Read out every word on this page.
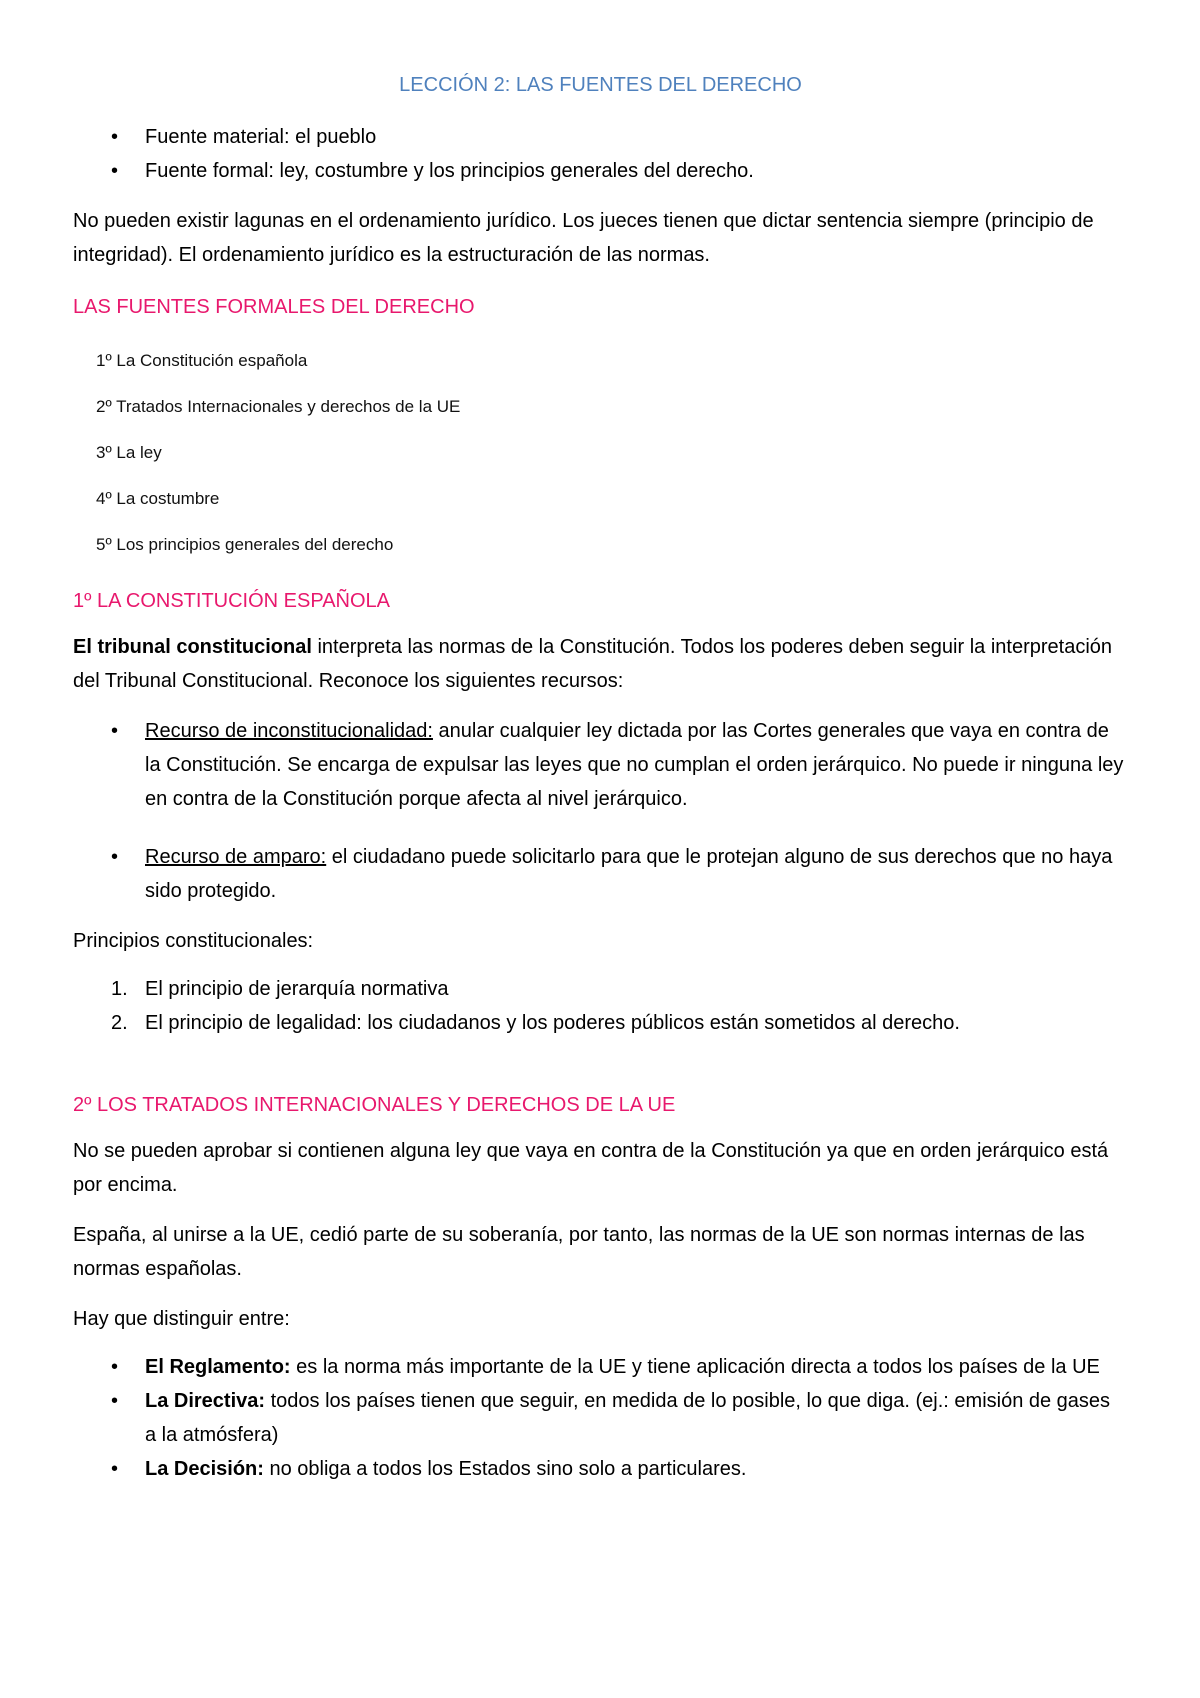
LECCIÓN 2: LAS FUENTES DEL DERECHO
• Fuente material: el pueblo
• Fuente formal: ley, costumbre y los principios generales del derecho.

No pueden existir lagunas en el ordenamiento jurídico. Los jueces tienen que dictar sentencia siempre (principio de integridad). El ordenamiento jurídico es la estructuración de las normas.

LAS FUENTES FORMALES DEL DERECHO
1º La Constitución española
2º Tratados Internacionales y derechos de la UE
3º La ley
4º La costumbre
5º Los principios generales del derecho
1º LA CONSTITUCIÓN ESPAÑOLA

El tribunal constitucional interpreta las normas de la Constitución. Todos los poderes deben seguir la interpretación del Tribunal Constitucional. Reconoce los siguientes recursos:

• Recurso de inconstitucionalidad: anular cualquier ley dictada por las Cortes generales que vaya en contra de la Constitución. Se encarga de expulsar las leyes que no cumplan el orden jerárquico. No puede ir ninguna ley en contra de la Constitución porque afecta al nivel jerárquico.
• Recurso de amparo: el ciudadano puede solicitarlo para que le protejan alguno de sus derechos que no haya sido protegido.

Principios constitucionales:

1. El principio de jerarquía normativa
2. El principio de legalidad: los ciudadanos y los poderes públicos están sometidos al derecho.
2º LOS TRATADOS INTERNACIONALES Y DERECHOS DE LA UE

No se pueden aprobar si contienen alguna ley que vaya en contra de la Constitución ya que en orden jerárquico está por encima.

España, al unirse a la UE, cedió parte de su soberanía, por tanto, las normas de la UE son normas internas de las normas españolas.

Hay que distinguir entre:

• El Reglamento: es la norma más importante de la UE y tiene aplicación directa a todos los países de la UE
• La Directiva: todos los países tienen que seguir, en medida de lo posible, lo que diga. (ej.: emisión de gases a la atmósfera)
• La Decisión: no obliga a todos los Estados sino solo a particulares.
